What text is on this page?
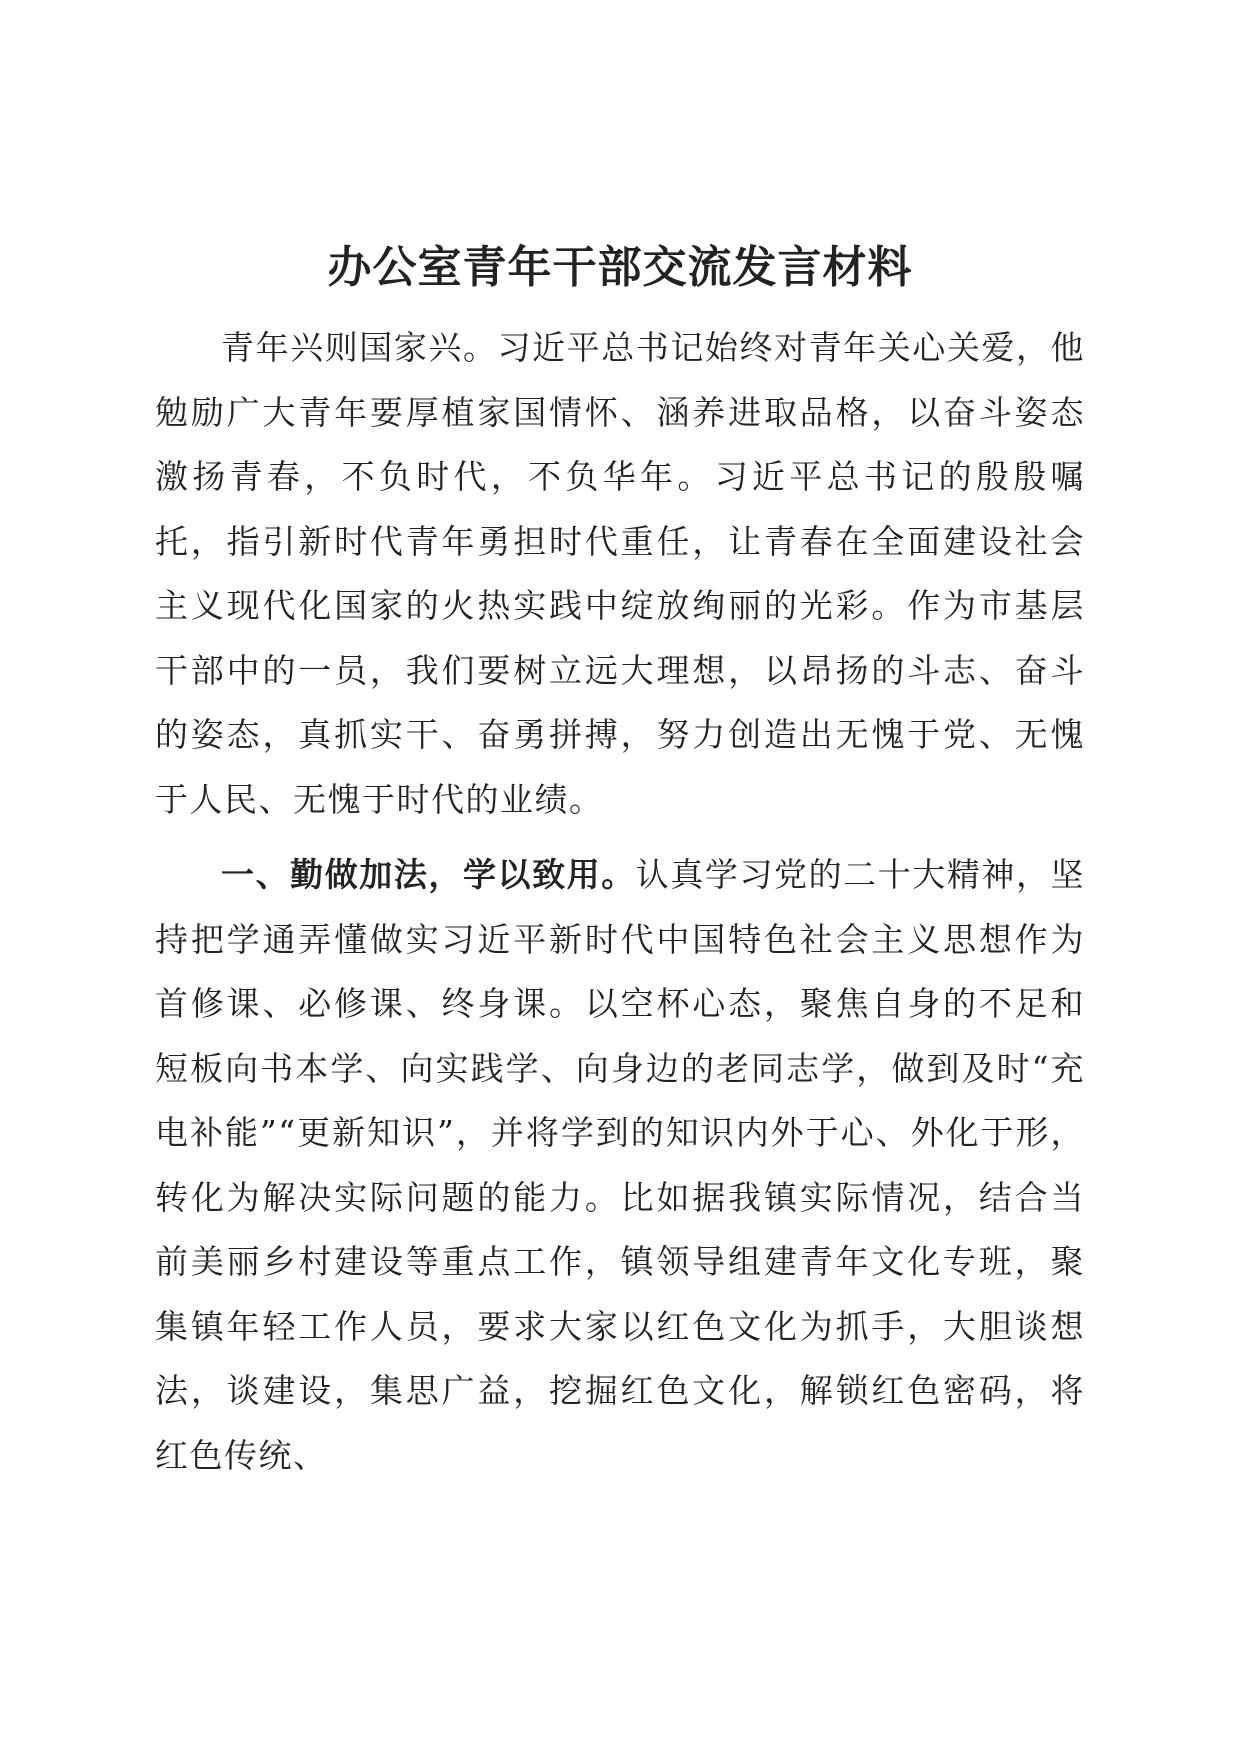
办公室青年干部交流发言材料

青年兴则国家兴。习近平总书记始终对青年关心关爱，他勉励广大青年要厚植家国情怀、涵养进取品格，以奋斗姿态激扬青春，不负时代，不负华年。习近平总书记的殷殷嘱托，指引新时代青年勇担时代重任，让青春在全面建设社会主义现代化国家的火热实践中绽放绚丽的光彩。作为市基层干部中的一员，我们要树立远大理想，以昂扬的斗志、奋斗的姿态，真抓实干、奋勇拼搏，努力创造出无愧于党、无愧于人民、无愧于时代的业绩。

一、勤做加法，学以致用。认真学习党的二十大精神，坚持把学通弄懂做实习近平新时代中国特色社会主义思想作为首修课、必修课、终身课。以空杯心态，聚焦自身的不足和短板向书本学、向实践学、向身边的老同志学，做到及时“充电补能”“更新知识”，并将学到的知识内外于心、外化于形，转化为解决实际问题的能力。比如据我镇实际情况，结合当前美丽乡村建设等重点工作，镇领导组建青年文化专班，聚集镇年轻工作人员，要求大家以红色文化为抓手，大胆谈想法，谈建设，集思广益，挖掘红色文化，解锁红色密码，将红色传统、
